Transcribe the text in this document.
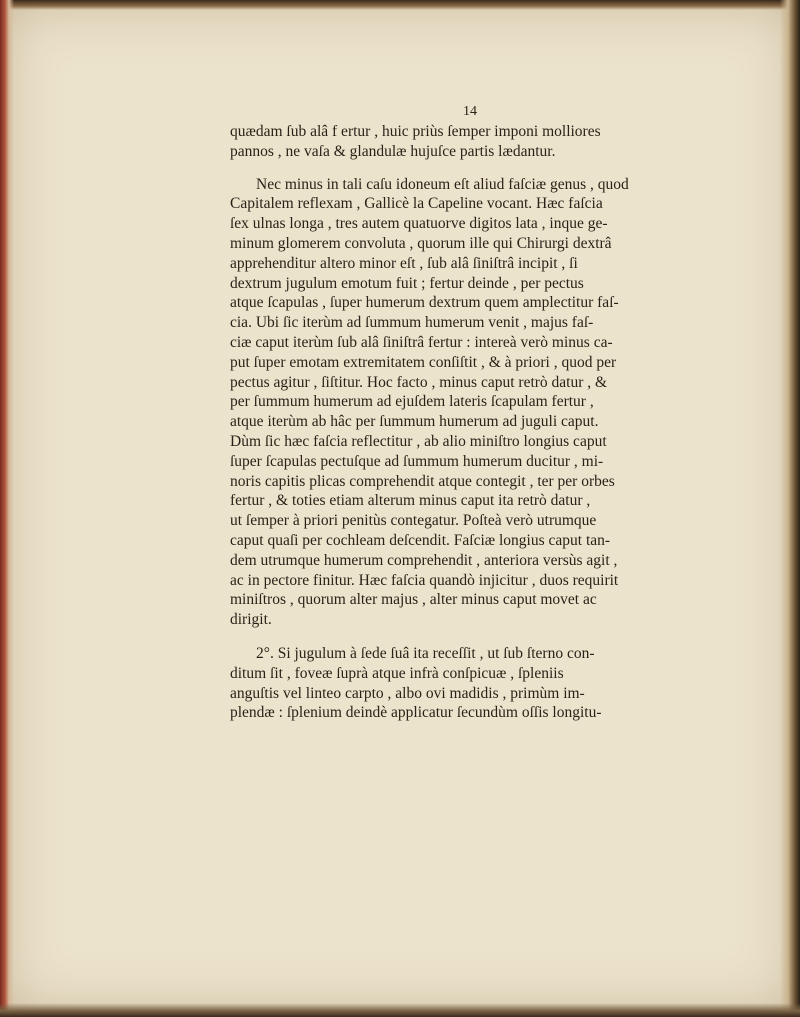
14
quædam ſub alâ f ertur , huic priùs ſemper imponi molliores
pannos , ne vaſa & glandulæ hujuſce partis lædantur.
Nec minus in tali caſu idoneum eſt aliud faſciæ genus , quod
Capitalem reflexam , Gallicè la Capeline vocant. Hæc faſcia
ſex ulnas longa , tres autem quatuorve digitos lata , inque ge-
minum glomerem convoluta , quorum ille qui Chirurgi dextrâ
apprehenditur altero minor eſt , ſub alâ ſiniſtrâ incipit , ſi
dextrum jugulum emotum fuit ; fertur deinde , per pectus
atque ſcapulas , ſuper humerum dextrum quem amplectitur faſ-
cia. Ubi ſic iterùm ad ſummum humerum venit , majus faſ-
ciæ caput iterùm ſub alâ ſiniſtrâ fertur : intereà verò minus ca-
put ſuper emotam extremitatem conſiſtit , & à priori , quod per
pectus agitur , ſiſtitur. Hoc facto , minus caput retrò datur , &
per ſummum humerum ad ejuſdem lateris ſcapulam fertur ,
atque iterùm ab hâc per ſummum humerum ad juguli caput.
Dùm ſic hæc faſcia reflectitur , ab alio miniſtro longius caput
ſuper ſcapulas pectuſque ad ſummum humerum ducitur , mi-
noris capitis plicas comprehendit atque contegit , ter per orbes
fertur , & toties etiam alterum minus caput ita retrò datur ,
ut ſemper à priori penitùs contegatur. Poſteà verò utrumque
caput quaſi per cochleam deſcendit. Faſciæ longius caput tan-
dem utrumque humerum comprehendit , anteriora versùs agit ,
ac in pectore finitur. Hæc faſcia quandò injicitur , duos requirit
miniſtros , quorum alter majus , alter minus caput movet ac
dirigit.
2°. Si jugulum à ſede ſuâ ita receſſit , ut ſub ſterno con-
ditum ſit , foveæ ſuprà atque infrà conſpicuæ , ſpleniis
anguſtis vel linteo carpto , albo ovi madidis , primùm im-
plendæ : ſplenium deindè applicatur ſecundùm oſſis longitu-
